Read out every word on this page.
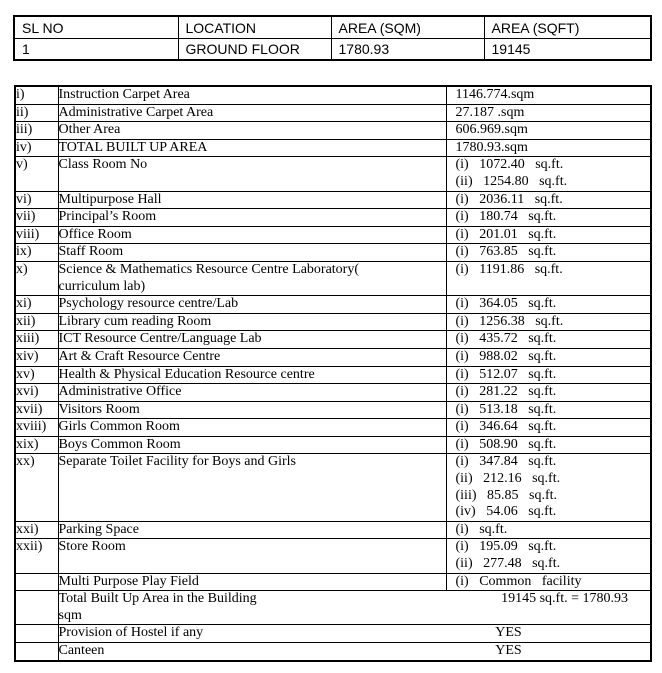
SL NO	LOCATION	AREA (SQM)	AREA (SQFT)
1	GROUND FLOOR	1780.93	19145
i)	Instruction Carpet Area	1146.774.sqm

ii)	Administrative Carpet Area	27.187 .sqm

iii)	Other Area	606.969.sqm

iv)	TOTAL BUILT UP AREA	1780.93.sqm

v)	Class Room No	(i) 1072.40 sq.ft.
(ii) 1254.80 sq.ft.

vi)	Multipurpose Hall	(i) 2036.11 sq.ft.

vii)	Principal’s Room	(i) 180.74 sq.ft.

viii)	Office Room	(i) 201.01 sq.ft.

ix)	Staff Room	(i) 763.85 sq.ft.

x)	Science & Mathematics Resource Centre Laboratory(
curriculum lab)	(i) 1191.86 sq.ft.

xi)	Psychology resource centre/Lab	(i) 364.05 sq.ft.

xii)	Library cum reading Room	(i) 1256.38 sq.ft.

xiii)	ICT Resource Centre/Language Lab	(i) 435.72 sq.ft.

xiv)	Art & Craft Resource Centre	(i) 988.02 sq.ft.

xv)	Health & Physical Education Resource centre	(i) 512.07 sq.ft.

xvi)	Administrative Office	(i) 281.22 sq.ft.

xvii)	Visitors Room	(i) 513.18 sq.ft.

xviii)	Girls Common Room	(i) 346.64 sq.ft.

xix)	Boys Common Room	(i) 508.90 sq.ft.

xx)	Separate Toilet Facility for Boys and Girls	(i) 347.84 sq.ft.
(ii) 212.16 sq.ft.
(iii) 85.85 sq.ft.
(iv) 54.06 sq.ft.

xxi)	Parking Space	(i) sq.ft.

xxii)	Store Room	(i) 195.09 sq.ft.
(ii) 277.48 sq.ft.

	Multi Purpose Play Field	(i) Common facility

	Total Built Up Area in the Building
sqm
19145 sq.ft. = 1780.93	

	Provision of Hostel if any YES	

	Canteen YES	
